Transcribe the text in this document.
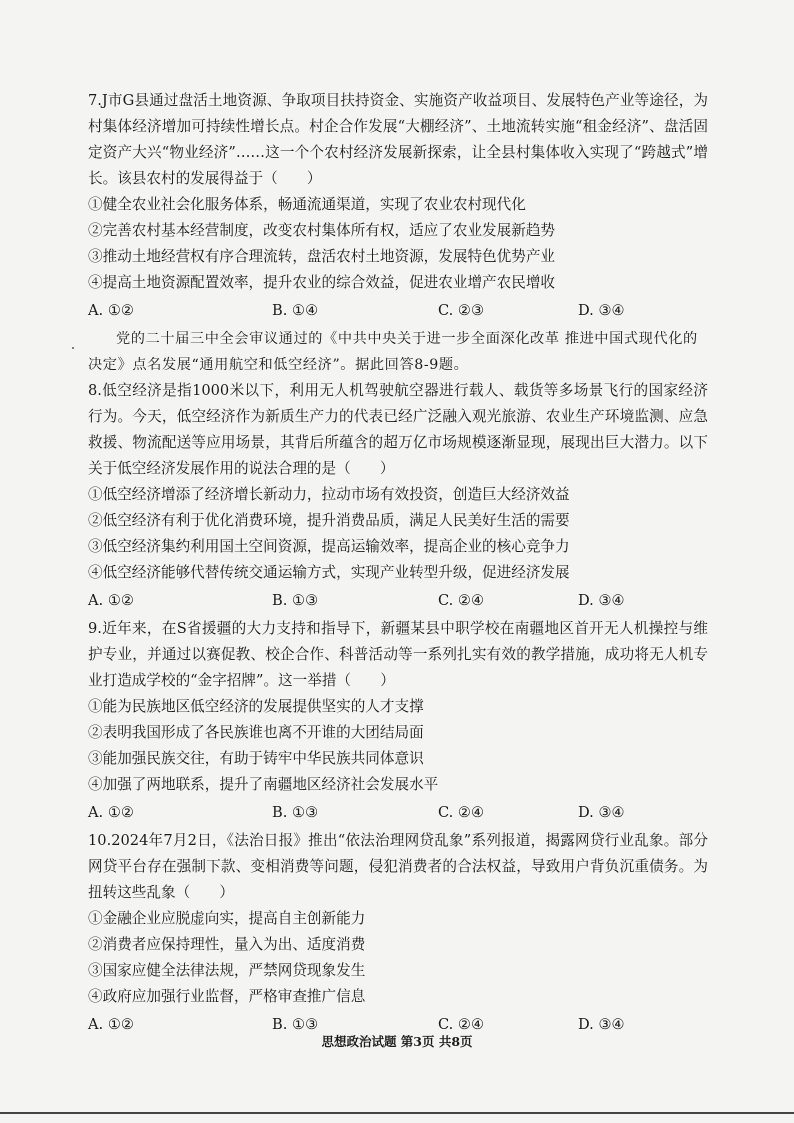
7.J市G县通过盘活土地资源、争取项目扶持资金、实施资产收益项目、发展特色产业等途径，为村集体经济增加可持续性增长点。村企合作发展“大棚经济”、土地流转实施“租金经济”、盘活固定资产大兴“物业经济”……这一个个农村经济发展新探索，让全县村集体收入实现了“跨越式”增长。该县农村的发展得益于（　　）

①健全农业社会化服务体系，畅通流通渠道，实现了农业农村现代化

②完善农村基本经营制度，改变农村集体所有权，适应了农业发展新趋势

③推动土地经营权有序合理流转，盘活农村土地资源，发展特色优势产业

④提高土地资源配置效率，提升农业的综合效益，促进农业增产农民增收

A. ①②	B. ①④	C. ②③	D. ③④

党的二十届三中全会审议通过的《中共中央关于进一步全面深化改革 推进中国式现代化的决定》点名发展“通用航空和低空经济”。据此回答8-9题。

8.低空经济是指1000米以下，利用无人机驾驶航空器进行载人、载货等多场景飞行的国家经济行为。今天，低空经济作为新质生产力的代表已经广泛融入观光旅游、农业生产环境监测、应急救援、物流配送等应用场景，其背后所蕴含的超万亿市场规模逐渐显现，展现出巨大潜力。以下关于低空经济发展作用的说法合理的是（　　）

①低空经济增添了经济增长新动力，拉动市场有效投资，创造巨大经济效益

②低空经济有利于优化消费环境，提升消费品质，满足人民美好生活的需要

③低空经济集约利用国土空间资源，提高运输效率，提高企业的核心竞争力

④低空经济能够代替传统交通运输方式，实现产业转型升级，促进经济发展

A. ①②	B. ①③	C. ②④	D. ③④

9.近年来，在S省援疆的大力支持和指导下，新疆某县中职学校在南疆地区首开无人机操控与维护专业，并通过以赛促教、校企合作、科普活动等一系列扎实有效的教学措施，成功将无人机专业打造成学校的“金字招牌”。这一举措（　　）

①能为民族地区低空经济的发展提供坚实的人才支撑

②表明我国形成了各民族谁也离不开谁的大团结局面

③能加强民族交往，有助于铸牢中华民族共同体意识

④加强了两地联系，提升了南疆地区经济社会发展水平

A. ①②	B. ①③	C. ②④	D. ③④

10.2024年7月2日，《法治日报》推出“依法治理网贷乱象”系列报道，揭露网贷行业乱象。部分网贷平台存在强制下款、变相消费等问题，侵犯消费者的合法权益，导致用户背负沉重债务。为扭转这些乱象（　　）

①金融企业应脱虚向实，提高自主创新能力

②消费者应保持理性，量入为出、适度消费

③国家应健全法律法规，严禁网贷现象发生

④政府应加强行业监督，严格审查推广信息

A. ①②	B. ①③	C. ②④	D. ③④
思想政治试题 第3页 共8页
